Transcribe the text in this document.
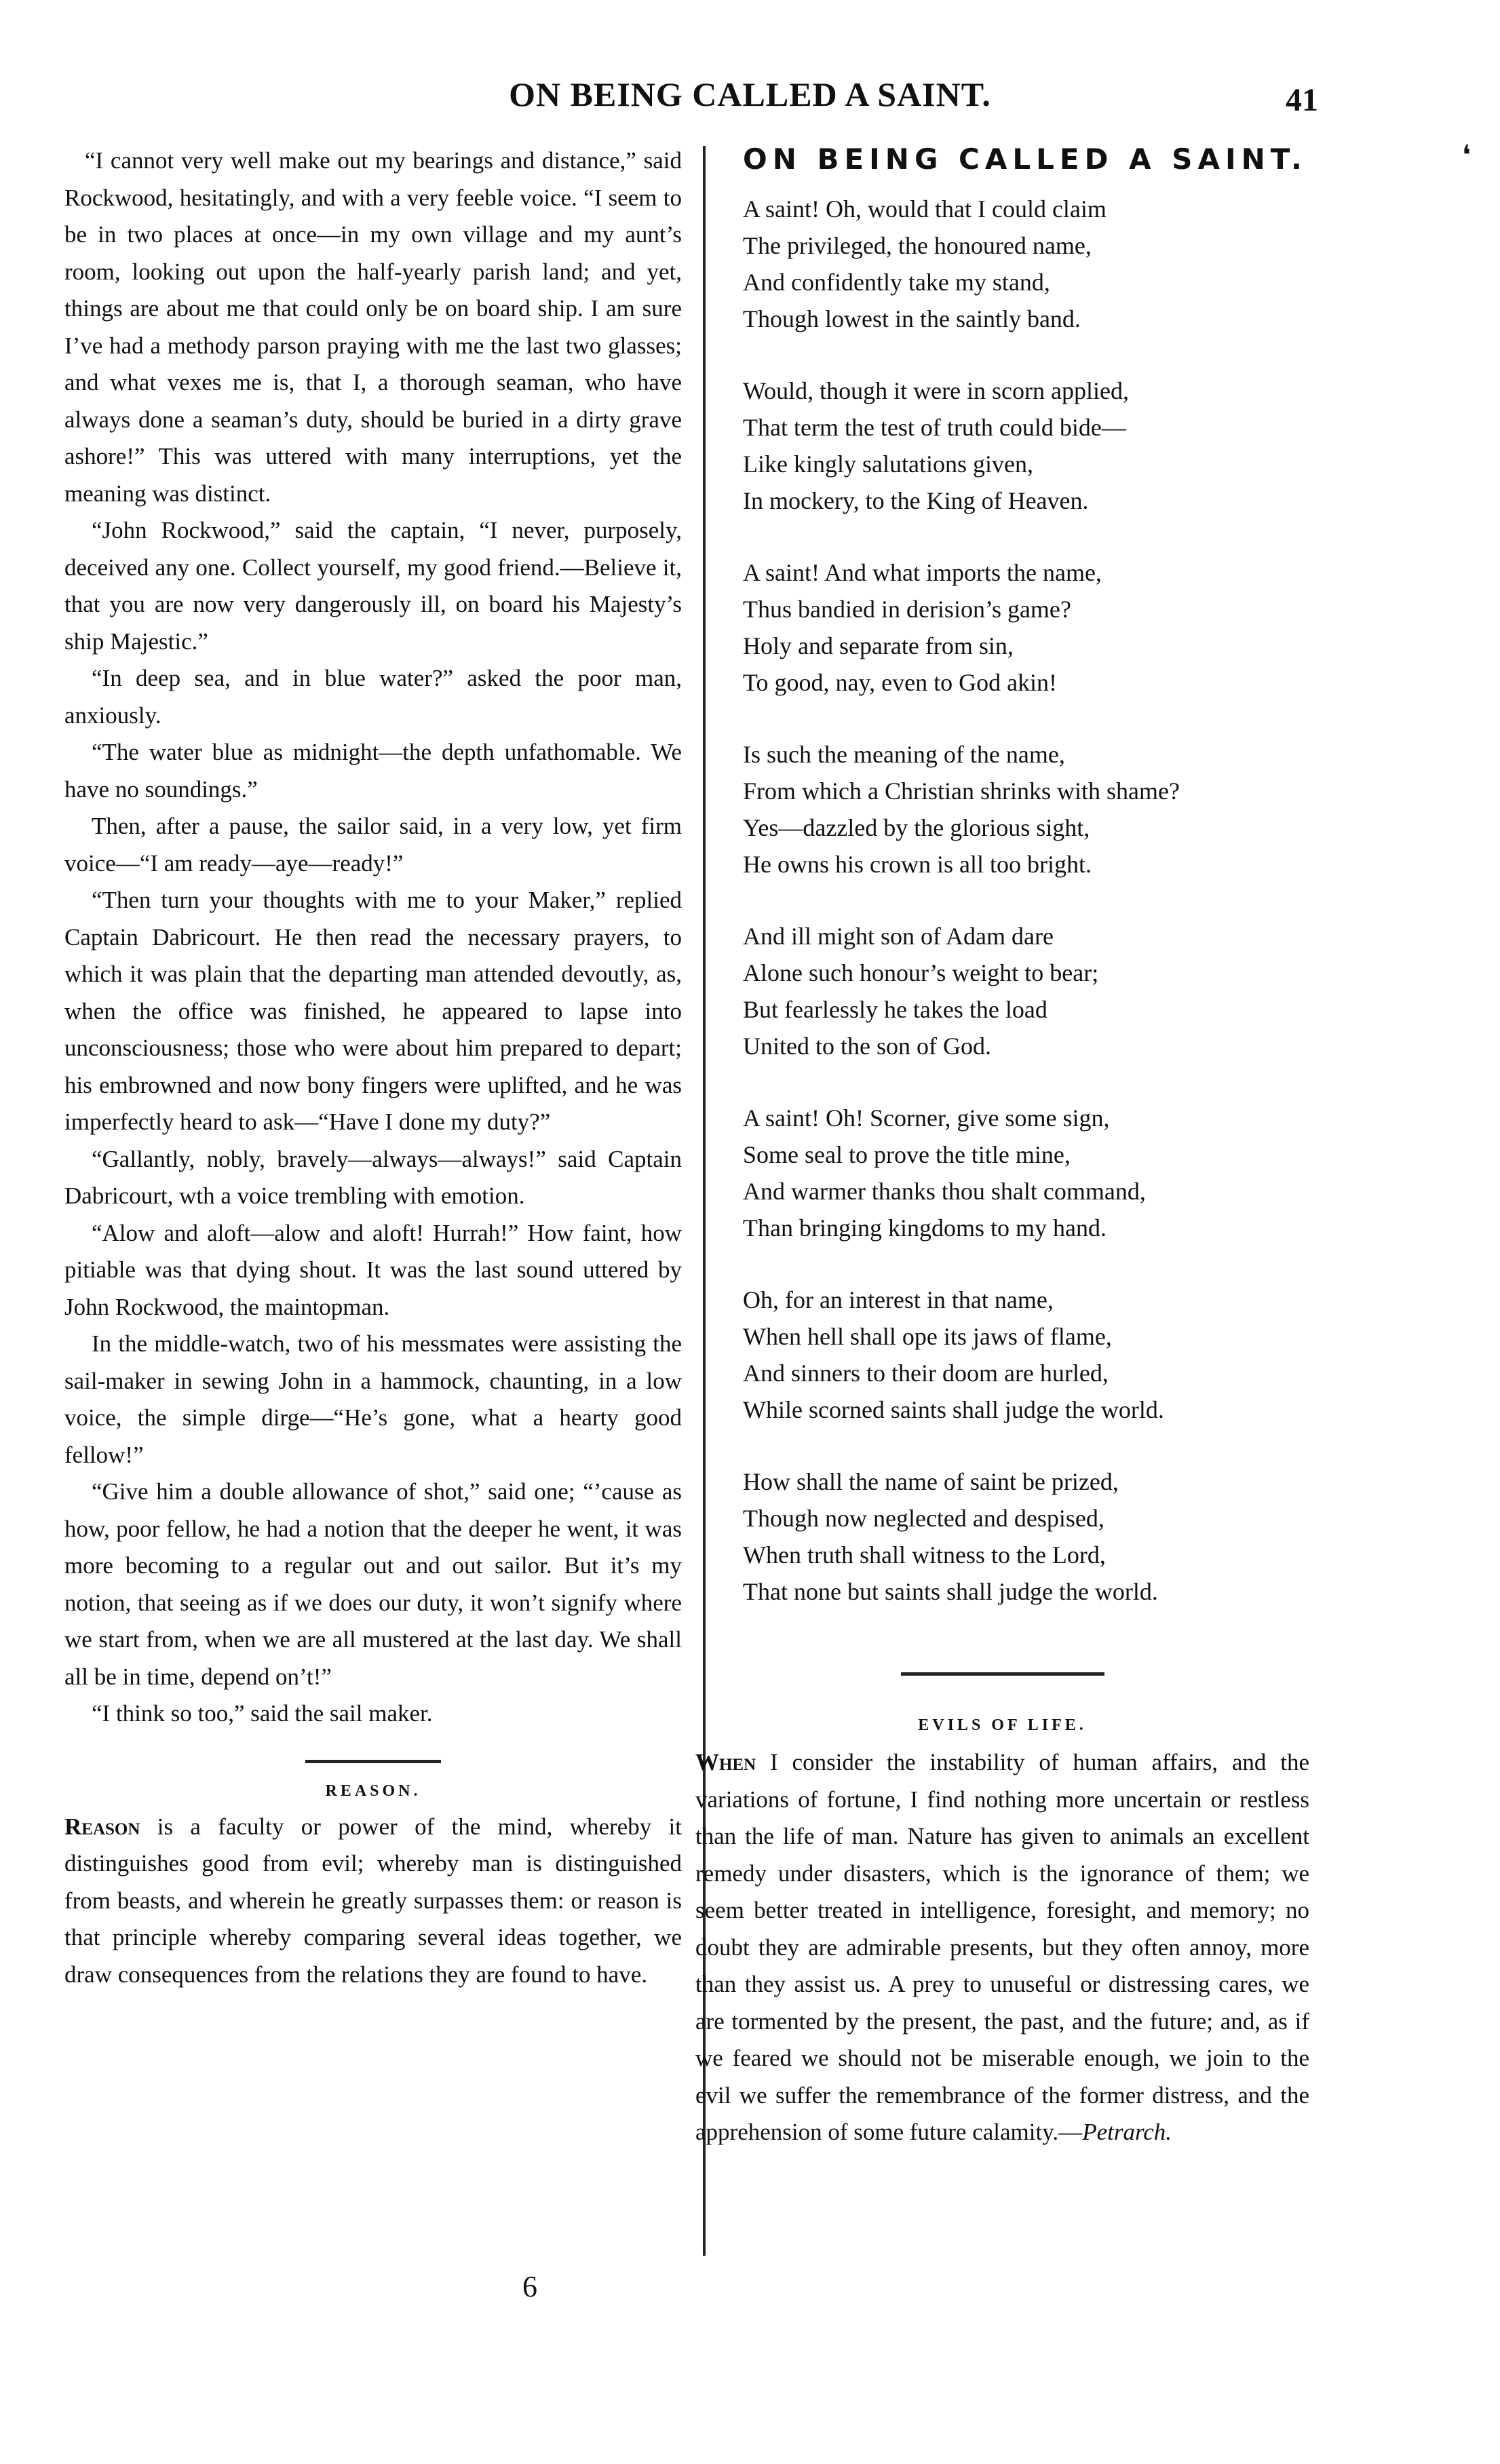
ON BEING CALLED A SAINT.	41

“I cannot very well make out my bearings and distance,” said Rockwood, hesitatingly, and with a very feeble voice. “I seem to be in two places at once—in my own village and my aunt’s room, looking out upon the half-yearly parish land; and yet, things are about me that could only be on board ship. I am sure I’ve had a methody parson praying with me the last two glasses; and what vexes me is, that I, a thorough seaman, who have always done a seaman’s duty, should be buried in a dirty grave ashore!” This was uttered with many interruptions, yet the meaning was distinct.

“John Rockwood,” said the captain, “I never, purposely, deceived any one. Collect yourself, my good friend.—Believe it, that you are now very dangerously ill, on board his Majesty’s ship Majestic.”

“In deep sea, and in blue water?” asked the poor man, anxiously.

“The water blue as midnight—the depth unfathomable. We have no soundings.”

Then, after a pause, the sailor said, in a very low, yet firm voice—“I am ready—aye—ready!”

“Then turn your thoughts with me to your Maker,” replied Captain Dabricourt. He then read the necessary prayers, to which it was plain that the departing man attended devoutly, as, when the office was finished, he appeared to lapse into unconsciousness; those who were about him prepared to depart; his embrowned and now bony fingers were uplifted, and he was imperfectly heard to ask—“Have I done my duty?”

“Gallantly, nobly, bravely—always—always!” said Captain Dabricourt, wth a voice trembling with emotion.

“Alow and aloft—alow and aloft! Hurrah!” How faint, how pitiable was that dying shout. It was the last sound uttered by John Rockwood, the maintopman.

In the middle-watch, two of his messmates were assisting the sail-maker in sewing John in a hammock, chaunting, in a low voice, the simple dirge—“He’s gone, what a hearty good fellow!”

“Give him a double allowance of shot,” said one; “’cause as how, poor fellow, he had a notion that the deeper he went, it was more becoming to a regular out and out sailor. But it’s my notion, that seeing as if we does our duty, it won’t signify where we start from, when we are all mustered at the last day. We shall all be in time, depend on’t!”

“I think so too,” said the sail maker.

REASON.

Reason is a faculty or power of the mind, whereby it distinguishes good from evil; whereby man is distinguished from beasts, and wherein he greatly surpasses them: or reason is that principle whereby comparing several ideas together, we draw consequences from the relations they are found to have.

ON BEING CALLED A SAINT.
A saint! Oh, would that I could claim
The privileged, the honoured name,
And confidently take my stand,
Though lowest in the saintly band.
Would, though it were in scorn applied,
That term the test of truth could bide—
Like kingly salutations given,
In mockery, to the King of Heaven.
A saint! And what imports the name,
Thus bandied in derision’s game?
Holy and separate from sin,
To good, nay, even to God akin!
Is such the meaning of the name,
From which a Christian shrinks with shame?
Yes—dazzled by the glorious sight,
He owns his crown is all too bright.
And ill might son of Adam dare
Alone such honour’s weight to bear;
But fearlessly he takes the load
United to the son of God.
A saint! Oh! Scorner, give some sign,
Some seal to prove the title mine,
And warmer thanks thou shalt command,
Than bringing kingdoms to my hand.
Oh, for an interest in that name,
When hell shall ope its jaws of flame,
And sinners to their doom are hurled,
While scorned saints shall judge the world.
How shall the name of saint be prized,
Though now neglected and despised,
When truth shall witness to the Lord,
That none but saints shall judge the world.
EVILS OF LIFE.

When I consider the instability of human affairs, and the variations of fortune, I find nothing more uncertain or restless than the life of man. Nature has given to animals an excellent remedy under disasters, which is the ignorance of them; we seem better treated in intelligence, foresight, and memory; no doubt they are admirable presents, but they often annoy, more than they assist us. A prey to unuseful or distressing cares, we are tormented by the present, the past, and the future; and, as if we feared we should not be miserable enough, we join to the evil we suffer the remembrance of the former distress, and the apprehension of some future calamity.—Petrarch.

6
❛
